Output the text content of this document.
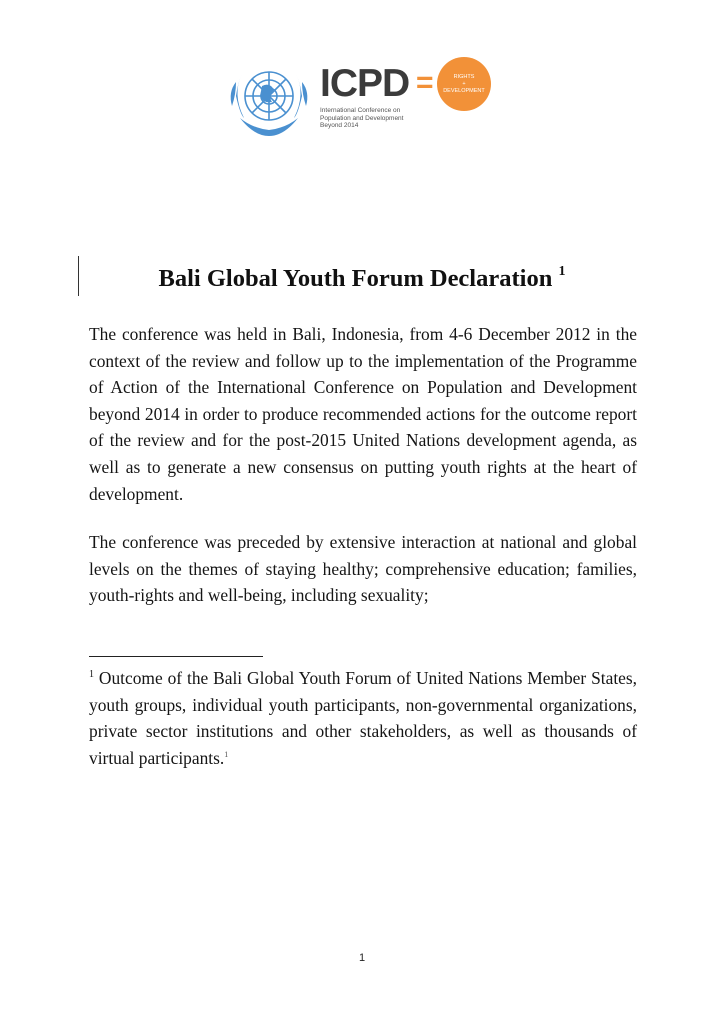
ICPD =
International Conference on
Population and Development
Beyond 2014
RIGHTS
+
DEVELOPMENT
Bali Global Youth Forum Declaration $^1$

The conference was held in Bali, Indonesia, from 4-6 December 2012 in the context of the review and follow up to the implementation of the Programme of Action of the International Conference on Population and Development beyond 2014 in order to produce recommended actions for the outcome report of the review and for the post-2015 United Nations development agenda, as well as to generate a new consensus on putting youth rights at the heart of development.

The conference was preceded by extensive interaction at national and global levels on the themes of staying healthy; comprehensive education; families, youth-rights and well-being, including sexuality;

$^1$ Outcome of the Bali Global Youth Forum of United Nations Member States, youth groups, individual youth participants, non-governmental organizations, private sector institutions and other stakeholders, as well as thousands of virtual participants.$^1$

1
